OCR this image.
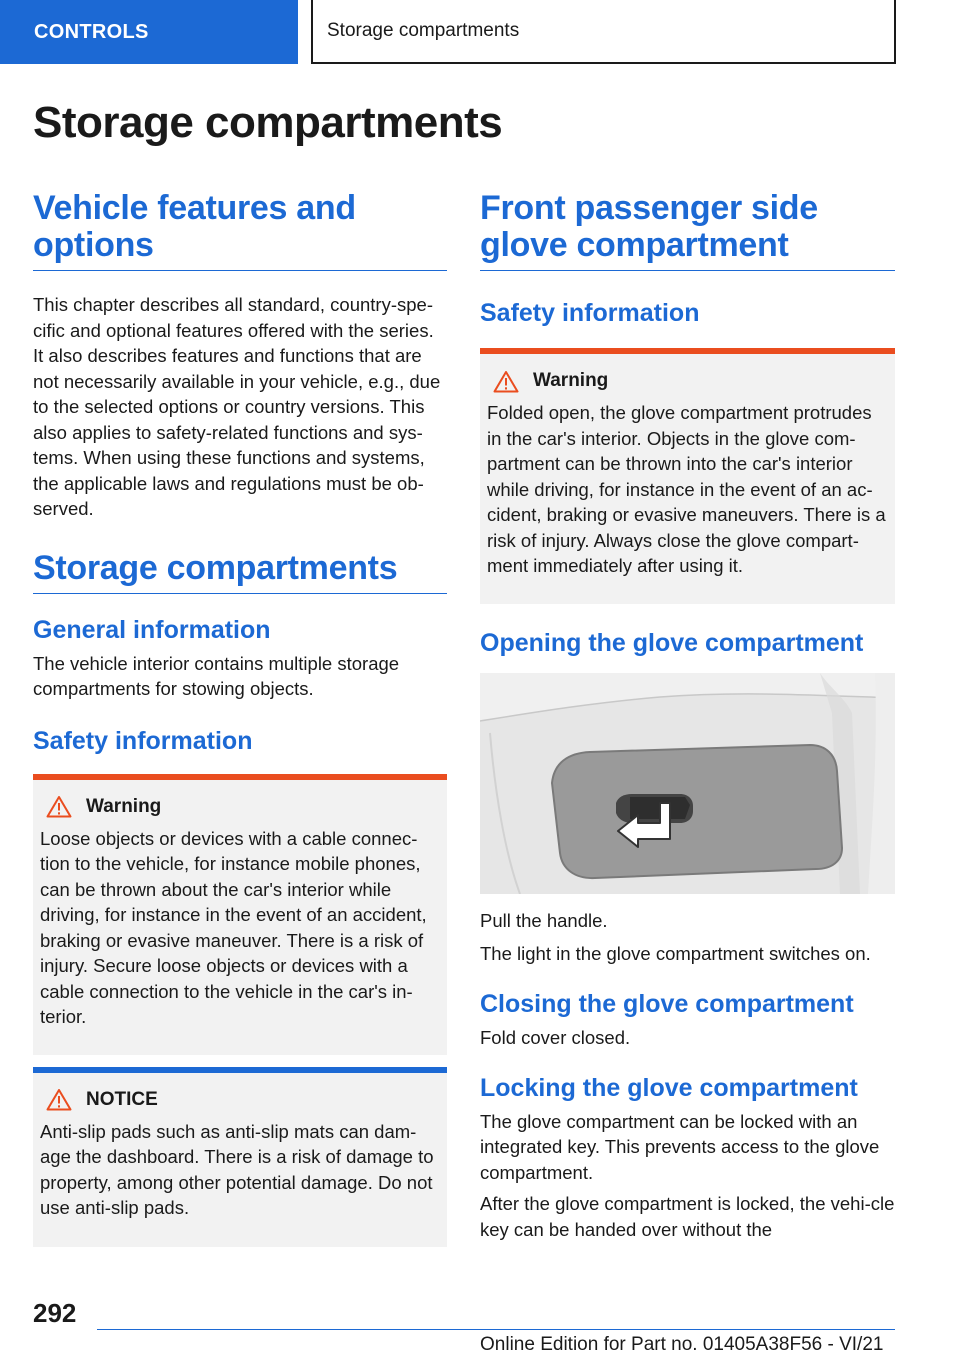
CONTROLS	Storage compartments
Storage compartments
Vehicle features and options

This chapter describes all standard, country-spe-cific and optional features offered with the series. It also describes features and functions that are not necessarily available in your vehicle, e.g., due to the selected options or country versions. This also applies to safety-related functions and sys-tems. When using these functions and systems, the applicable laws and regulations must be ob-served.

Storage compartments
General information

The vehicle interior contains multiple storage compartments for stowing objects.

Safety information
Warning

Loose objects or devices with a cable connec-tion to the vehicle, for instance mobile phones, can be thrown about the car's interior while driving, for instance in the event of an accident, braking or evasive maneuver. There is a risk of injury. Secure loose objects or devices with a cable connection to the vehicle in the car's in-terior.

NOTICE

Anti-slip pads such as anti-slip mats can dam-age the dashboard. There is a risk of damage to property, among other potential damage. Do not use anti-slip pads.

Front passenger side glove compartment
Safety information
Warning

Folded open, the glove compartment protrudes in the car's interior. Objects in the glove com-partment can be thrown into the car's interior while driving, for instance in the event of an ac-cident, braking or evasive maneuvers. There is a risk of injury. Always close the glove compart-ment immediately after using it.

Opening the glove compartment

Pull the handle.

The light in the glove compartment switches on.

Closing the glove compartment

Fold cover closed.

Locking the glove compartment

The glove compartment can be locked with an integrated key. This prevents access to the glove compartment.

After the glove compartment is locked, the vehi-cle key can be handed over without the

292
Online Edition for Part no. 01405A38F56 - VI/21
